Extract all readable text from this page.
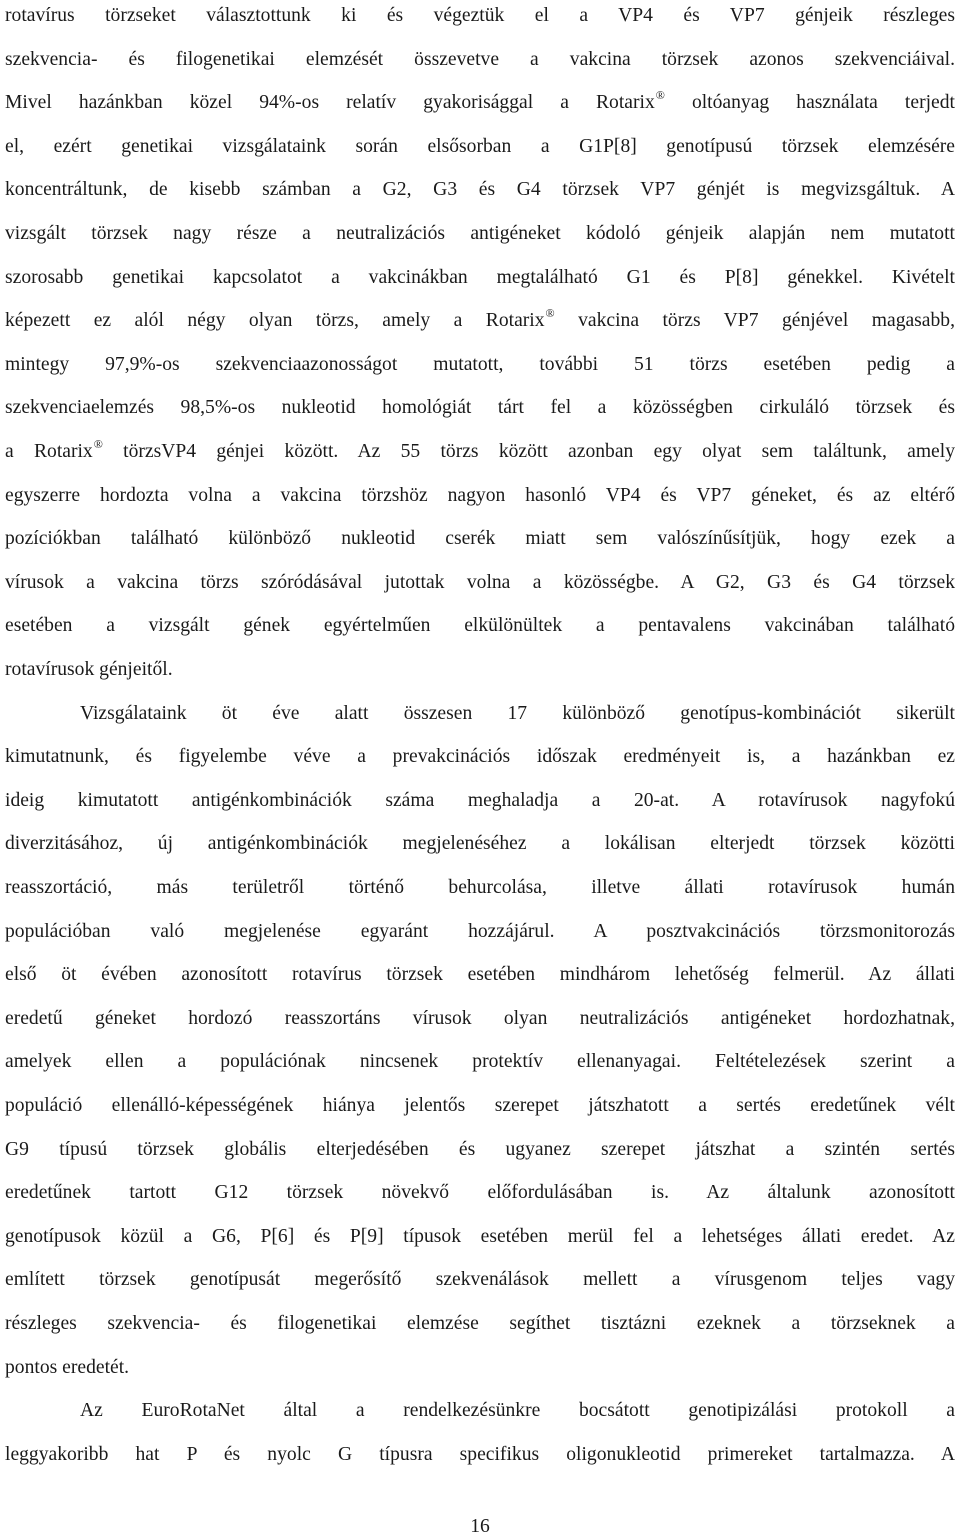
rotavírus törzseket választottunk ki és végeztük el a VP4 és VP7 génjeik részleges
szekvencia- és filogenetikai elemzését összevetve a vakcina törzsek azonos szekvenciáival.
Mivel hazánkban közel 94%-os relatív gyakorisággal a Rotarix® oltóanyag használata terjedt
el, ezért genetikai vizsgálataink során elsősorban a G1P[8] genotípusú törzsek elemzésére
koncentráltunk, de kisebb számban a G2, G3 és G4 törzsek VP7 génjét is megvizsgáltuk. A
vizsgált törzsek nagy része a neutralizációs antigéneket kódoló génjeik alapján nem mutatott
szorosabb genetikai kapcsolatot a vakcinákban megtalálható G1 és P[8] génekkel. Kivételt
képezett ez alól négy olyan törzs, amely a Rotarix® vakcina törzs VP7 génjével magasabb,
mintegy 97,9%-os szekvenciaazonosságot mutatott, további 51 törzs esetében pedig a
szekvenciaelemzés 98,5%-os nukleotid homológiát tárt fel a közösségben cirkuláló törzsek és
a Rotarix® törzsVP4 génjei között. Az 55 törzs között azonban egy olyat sem találtunk, amely
egyszerre hordozta volna a vakcina törzshöz nagyon hasonló VP4 és VP7 géneket, és az eltérő
pozíciókban található különböző nukleotid cserék miatt sem valószínűsítjük, hogy ezek a
vírusok a vakcina törzs szóródásával jutottak volna a közösségbe. A G2, G3 és G4 törzsek
esetében a vizsgált gének egyértelműen elkülönültek a pentavalens vakcinában található
rotavírusok génjeitől.
Vizsgálataink öt éve alatt összesen 17 különböző genotípus-kombinációt sikerült
kimutatnunk, és figyelembe véve a prevakcinációs időszak eredményeit is, a hazánkban ez
ideig kimutatott antigénkombinációk száma meghaladja a 20-at. A rotavírusok nagyfokú
diverzitásához, új antigénkombinációk megjelenéséhez a lokálisan elterjedt törzsek közötti
reasszortáció, más területről történő behurcolása, illetve állati rotavírusok humán
populációban való megjelenése egyaránt hozzájárul. A posztvakcinációs törzsmonitorozás
első öt évében azonosított rotavírus törzsek esetében mindhárom lehetőség felmerül. Az állati
eredetű géneket hordozó reasszortáns vírusok olyan neutralizációs antigéneket hordozhatnak,
amelyek ellen a populációnak nincsenek protektív ellenanyagai. Feltételezések szerint a
populáció ellenálló-képességének hiánya jelentős szerepet játszhatott a sertés eredetűnek vélt
G9 típusú törzsek globális elterjedésében és ugyanez szerepet játszhat a szintén sertés
eredetűnek tartott G12 törzsek növekvő előfordulásában is. Az általunk azonosított
genotípusok közül a G6, P[6] és P[9] típusok esetében merül fel a lehetséges állati eredet. Az
említett törzsek genotípusát megerősítő szekvenálások mellett a vírusgenom teljes vagy
részleges szekvencia- és filogenetikai elemzése segíthet tisztázni ezeknek a törzseknek a
pontos eredetét.
Az EuroRotaNet által a rendelkezésünkre bocsátott genotipizálási protokoll a
leggyakoribb hat P és nyolc G típusra specifikus oligonukleotid primereket tartalmazza. A
16
